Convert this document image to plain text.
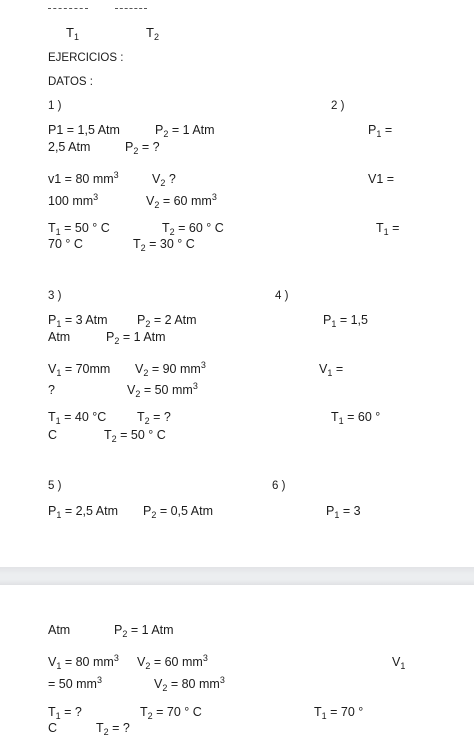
$T_1$	$T_2$
EJERCICIOS :
DATOS :
1 )	2 )
P1 = 1,5 Atm	$P_2 = 1$ Atm	$P_1$ =
2,5 Atm	$P_2$ = ?
v1 = 80 $mm^3$	$V_2$ ?	V1 =
100 $mm^3$	$V_2 = 60$ $mm^3$
$T_1 = 50$ ° C	$T_2 = 60$ ° C	$T_1$ =
70 ° C	$T_2 = 30$ ° C
3 )	4 )
$P_1 = 3$ Atm $P_2 = 2$ Atm	$P_1 = 1,5$
Atm	$P_2 = 1$ Atm
$V_1 = 70mm$ $V_2 = 90$ $mm^3$	$V_1$ =
?	$V_2 = 50$ $mm^3$
$T_1 = 40$ °C $T_2$ = ?	$T_1 = 60$ °
C	$T_2 = 50$ ° C
5 )	6 )
$P_1 = 2,5$ Atm $P_2 = 0,5$ Atm	$P_1 = 3$
Atm	$P_2 = 1$ Atm
$V_1 = 80$ $mm^3$ $V_2 = 60$ $mm^3$	$V_1$
= 50 $mm^3$	$V_2 = 80$ $mm^3$
$T_1$ = ?	$T_2 = 70$ ° C	$T_1 = 70$ °
C	$T_2$ = ?
